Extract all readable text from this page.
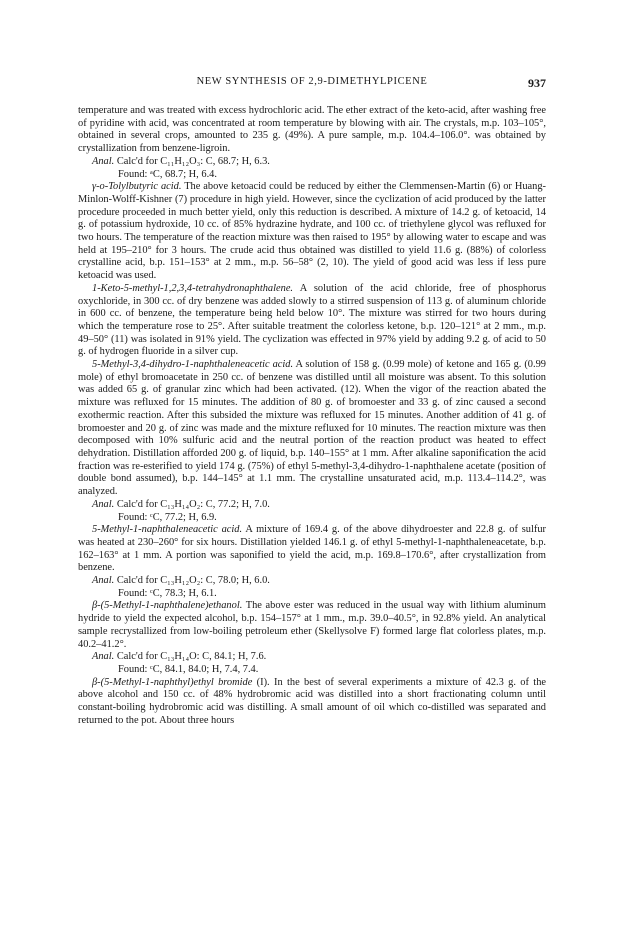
NEW SYNTHESIS OF 2,9-DIMETHYLPICENE	937

temperature and was treated with excess hydrochloric acid. The ether extract of the keto-acid, after washing free of pyridine with acid, was concentrated at room temperature by blowing with air. The crystals, m.p. 103–105°, obtained in several crops, amounted to 235 g. (49%). A pure sample, m.p. 104.4–106.0°. was obtained by crystallization from benzene-ligroin.

Anal. Calc'd for C₁₁H₁₂O₃: C, 68.7; H, 6.3.

Found: ᵃC, 68.7; H, 6.4.

γ-o-Tolylbutyric acid. The above ketoacid could be reduced by either the Clemmensen-Martin (6) or Huang-Minlon-Wolff-Kishner (7) procedure in high yield. However, since the cyclization of acid produced by the latter procedure proceeded in much better yield, only this reduction is described. A mixture of 14.2 g. of ketoacid, 14 g. of potassium hydroxide, 10 cc. of 85% hydrazine hydrate, and 100 cc. of triethylene glycol was refluxed for two hours. The temperature of the reaction mixture was then raised to 195° by allowing water to escape and was held at 195–210° for 3 hours. The crude acid thus obtained was distilled to yield 11.6 g. (88%) of colorless crystalline acid, b.p. 151–153° at 2 mm., m.p. 56–58° (2, 10). The yield of good acid was less if less pure ketoacid was used.

1-Keto-5-methyl-1,2,3,4-tetrahydronaphthalene. A solution of the acid chloride, free of phosphorus oxychloride, in 300 cc. of dry benzene was added slowly to a stirred suspension of 113 g. of aluminum chloride in 600 cc. of benzene, the temperature being held below 10°. The mixture was stirred for two hours during which the temperature rose to 25°. After suitable treatment the colorless ketone, b.p. 120–121° at 2 mm., m.p. 49–50° (11) was isolated in 91% yield. The cyclization was effected in 97% yield by adding 9.2 g. of acid to 50 g. of hydrogen fluoride in a silver cup.

5-Methyl-3,4-dihydro-1-naphthaleneacetic acid. A solution of 158 g. (0.99 mole) of ketone and 165 g. (0.99 mole) of ethyl bromoacetate in 250 cc. of benzene was distilled until all moisture was absent. To this solution was added 65 g. of granular zinc which had been activated. (12). When the vigor of the reaction abated the mixture was refluxed for 15 minutes. The addition of 80 g. of bromoester and 33 g. of zinc caused a second exothermic reaction. After this subsided the mixture was refluxed for 15 minutes. Another addition of 41 g. of bromoester and 20 g. of zinc was made and the mixture refluxed for 10 minutes. The reaction mixture was then decomposed with 10% sulfuric acid and the neutral portion of the reaction product was heated to effect dehydration. Distillation afforded 200 g. of liquid, b.p. 140–155° at 1 mm. After alkaline saponification the acid fraction was re-esterified to yield 174 g. (75%) of ethyl 5-methyl-3,4-dihydro-1-naphthalene acetate (position of double bond assumed), b.p. 144–145° at 1.1 mm. The crystalline unsaturated acid, m.p. 113.4–114.2°, was analyzed.

Anal. Calc'd for C₁₃H₁₄O₂: C, 77.2; H, 7.0.

Found: ᶜC, 77.2; H, 6.9.

5-Methyl-1-naphthaleneacetic acid. A mixture of 169.4 g. of the above dihydroester and 22.8 g. of sulfur was heated at 230–260° for six hours. Distillation yielded 146.1 g. of ethyl 5-methyl-1-naphthaleneacetate, b.p. 162–163° at 1 mm. A portion was saponified to yield the acid, m.p. 169.8–170.6°, after crystallization from benzene.

Anal. Calc'd for C₁₃H₁₂O₂: C, 78.0; H, 6.0.

Found: ᶜC, 78.3; H, 6.1.

β-(5-Methyl-1-naphthalene)ethanol. The above ester was reduced in the usual way with lithium aluminum hydride to yield the expected alcohol, b.p. 154–157° at 1 mm., m.p. 39.0–40.5°, in 92.8% yield. An analytical sample recrystallized from low-boiling petroleum ether (Skellysolve F) formed large flat colorless plates, m.p. 40.2–41.2°.

Anal. Calc'd for C₁₃H₁₄O: C, 84.1; H, 7.6.

Found: ᶜC, 84.1, 84.0; H, 7.4, 7.4.

β-(5-Methyl-1-naphthyl)ethyl bromide (I). In the best of several experiments a mixture of 42.3 g. of the above alcohol and 150 cc. of 48% hydrobromic acid was distilled into a short fractionating column until constant-boiling hydrobromic acid was distilling. A small amount of oil which co-distilled was separated and returned to the pot. About three hours
